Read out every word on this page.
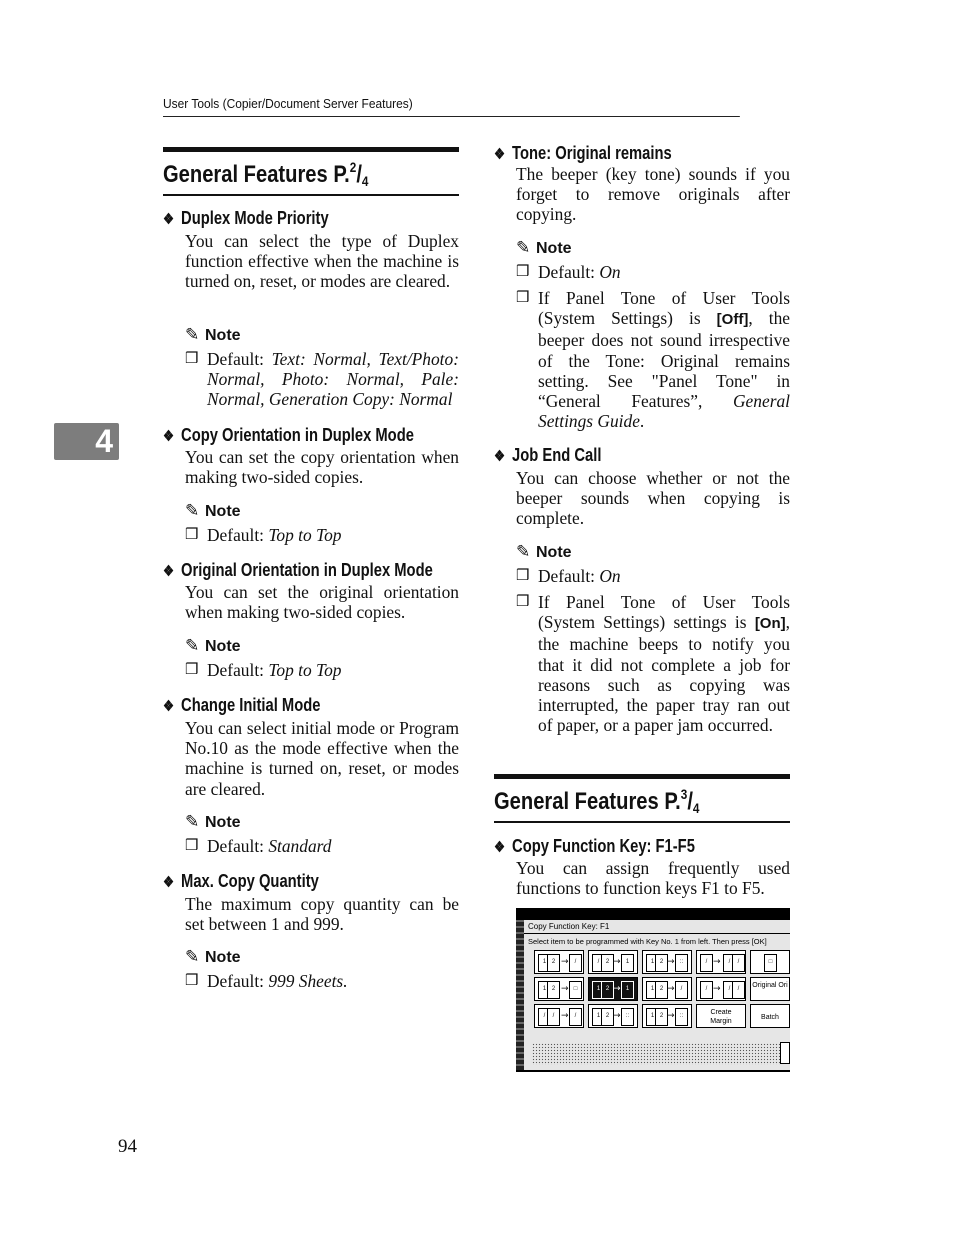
User Tools (Copier/Document Server Features)
4
General Features $P.^2/_4$
❖ Duplex Mode Priority
You can select the type of Duplex function effective when the machine is turned on, reset, or modes are cleared.
✎ Note
❒ Default: Text: Normal, Text/Photo: Normal, Photo: Normal, Pale: Normal, Generation Copy: Normal
❖ Copy Orientation in Duplex Mode
You can set the copy orientation when making two-sided copies.
✎ Note
❒ Default: Top to Top
❖ Original Orientation in Duplex Mode
You can set the original orientation when making two-sided copies.
✎ Note
❒ Default: Top to Top
❖ Change Initial Mode
You can select initial mode or Program No.10 as the mode effective when the machine is turned on, reset, or modes are cleared.
✎ Note
❒ Default: Standard
❖ Max. Copy Quantity
The maximum copy quantity can be set between 1 and 999.
✎ Note
❒ Default: 999 Sheets.
❖ Tone: Original remains
The beeper (key tone) sounds if you forget to remove originals after copying.
✎ Note
❒ Default: On
❒ If Panel Tone of User Tools (System Settings) is [Off], the beeper does not sound irrespective of the Tone: Original remains setting. See "Panel Tone" in “General Features”, General Settings Guide.
❖ Job End Call
You can choose whether or not the beeper sounds when copying is complete.
✎ Note
❒ Default: On
❒ If Panel Tone of User Tools (System Settings) settings is [On], the machine beeps to notify you that it did not complete a job for reasons such as copying was interrupted, the paper tray ran out of paper, or a paper jam occurred.
General Features $P.^3/_4$
❖ Copy Function Key: F1-F5
You can assign frequently used functions to function keys F1 to F5.
Copy Function Key: F1
Select item to be programmed with Key No. 1 from left. Then press [OK]
1 2 →	/	/	2 → 1	1 2 → ::	/ →	/	/	□
1 2 → □	1 2 → 1	1 2 →	/	/ →	/	/	Original Ori
/	/ →	/	1 2 → ::	1 2 → ::	Create
Margin
Batch
94
